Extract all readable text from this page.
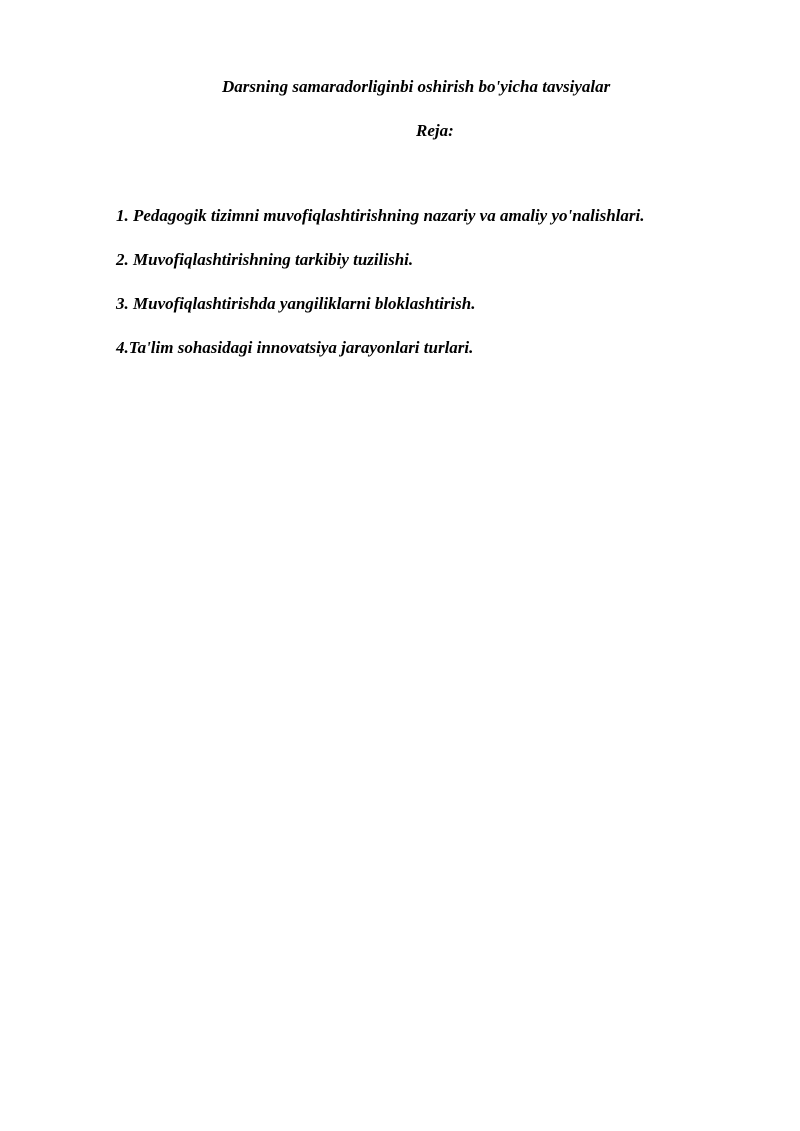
Darsning samaradorliginbi oshirish bo'yicha tavsiyalar
Reja:
1. Pedagogik tizimni muvofiqlashtirishning nazariy va amaliy yo'nalishlari.
2. Muvofiqlashtirishning tarkibiy tuzilishi.
3. Muvofiqlashtirishda yangiliklarni bloklashtirish.
4.Ta'lim sohasidagi innovatsiya jarayonlari turlari.
